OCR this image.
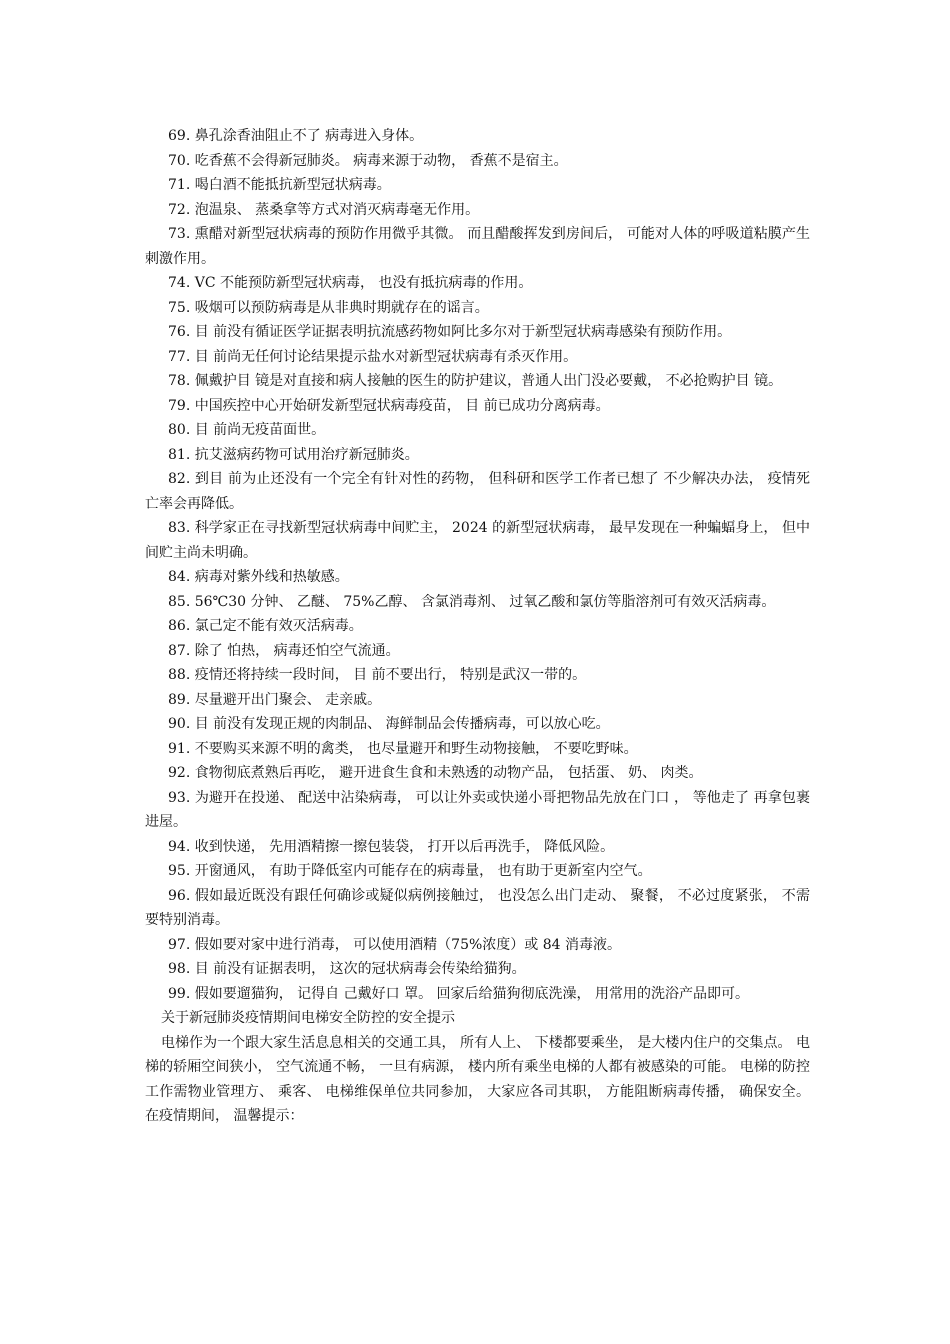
69. 鼻孔涂香油阻止不了 病毒进入身体。

70. 吃香蕉不会得新冠肺炎。 病毒来源于动物， 香蕉不是宿主。

71. 喝白酒不能抵抗新型冠状病毒。

72. 泡温泉、 蒸桑拿等方式对消灭病毒毫无作用。

73. 熏醋对新型冠状病毒的预防作用微乎其微。 而且醋酸挥发到房间后， 可能对人体的呼吸道粘膜产生刺激作用。

74. VC 不能预防新型冠状病毒， 也没有抵抗病毒的作用。

75. 吸烟可以预防病毒是从非典时期就存在的谣言。

76. 目 前没有循证医学证据表明抗流感药物如阿比多尔对于新型冠状病毒感染有预防作用。

77. 目 前尚无任何讨论结果提示盐水对新型冠状病毒有杀灭作用。

78. 佩戴护目 镜是对直接和病人接触的医生的防护建议，普通人出门没必要戴， 不必抢购护目 镜。

79. 中国疾控中心开始研发新型冠状病毒疫苗， 目 前已成功分离病毒。

80. 目 前尚无疫苗面世。

81. 抗艾滋病药物可试用治疗新冠肺炎。

82. 到目 前为止还没有一个完全有针对性的药物， 但科研和医学工作者已想了 不少解决办法， 疫情死亡率会再降低。

83. 科学家正在寻找新型冠状病毒中间贮主， 2024 的新型冠状病毒， 最早发现在一种蝙蝠身上， 但中间贮主尚未明确。

84. 病毒对紫外线和热敏感。

85. 56℃30 分钟、 乙醚、 75%乙醇、 含氯消毒剂、 过氧乙酸和氯仿等脂溶剂可有效灭活病毒。

86. 氯己定不能有效灭活病毒。

87. 除了 怕热， 病毒还怕空气流通。

88. 疫情还将持续一段时间， 目 前不要出行， 特别是武汉一带的。

89. 尽量避开出门聚会、 走亲戚。

90. 目 前没有发现正规的肉制品、 海鲜制品会传播病毒，可以放心吃。

91. 不要购买来源不明的禽类， 也尽量避开和野生动物接触， 不要吃野味。

92. 食物彻底煮熟后再吃， 避开进食生食和未熟透的动物产品， 包括蛋、 奶、 肉类。

93. 为避开在投递、 配送中沾染病毒， 可以让外卖或快递小哥把物品先放在门口 ， 等他走了 再拿包裹进屋。

94. 收到快递， 先用酒精擦一擦包装袋， 打开以后再洗手， 降低风险。

95. 开窗通风， 有助于降低室内可能存在的病毒量， 也有助于更新室内空气。

96. 假如最近既没有跟任何确诊或疑似病例接触过， 也没怎么出门走动、 聚餐， 不必过度紧张， 不需要特别消毒。

97. 假如要对家中进行消毒， 可以使用酒精（75%浓度）或 84 消毒液。

98. 目 前没有证据表明， 这次的冠状病毒会传染给猫狗。

99. 假如要遛猫狗， 记得自 己戴好口 罩。 回家后给猫狗彻底洗澡， 用常用的洗浴产品即可。

关于新冠肺炎疫情期间电梯安全防控的安全提示

电梯作为一个跟大家生活息息相关的交通工具， 所有人上、 下楼都要乘坐， 是大楼内住户的交集点。 电梯的轿厢空间狭小， 空气流通不畅， 一旦有病源， 楼内所有乘坐电梯的人都有被感染的可能。 电梯的防控工作需物业管理方、 乘客、 电梯维保单位共同参加， 大家应各司其职， 方能阻断病毒传播， 确保安全。 在疫情期间， 温馨提示：
